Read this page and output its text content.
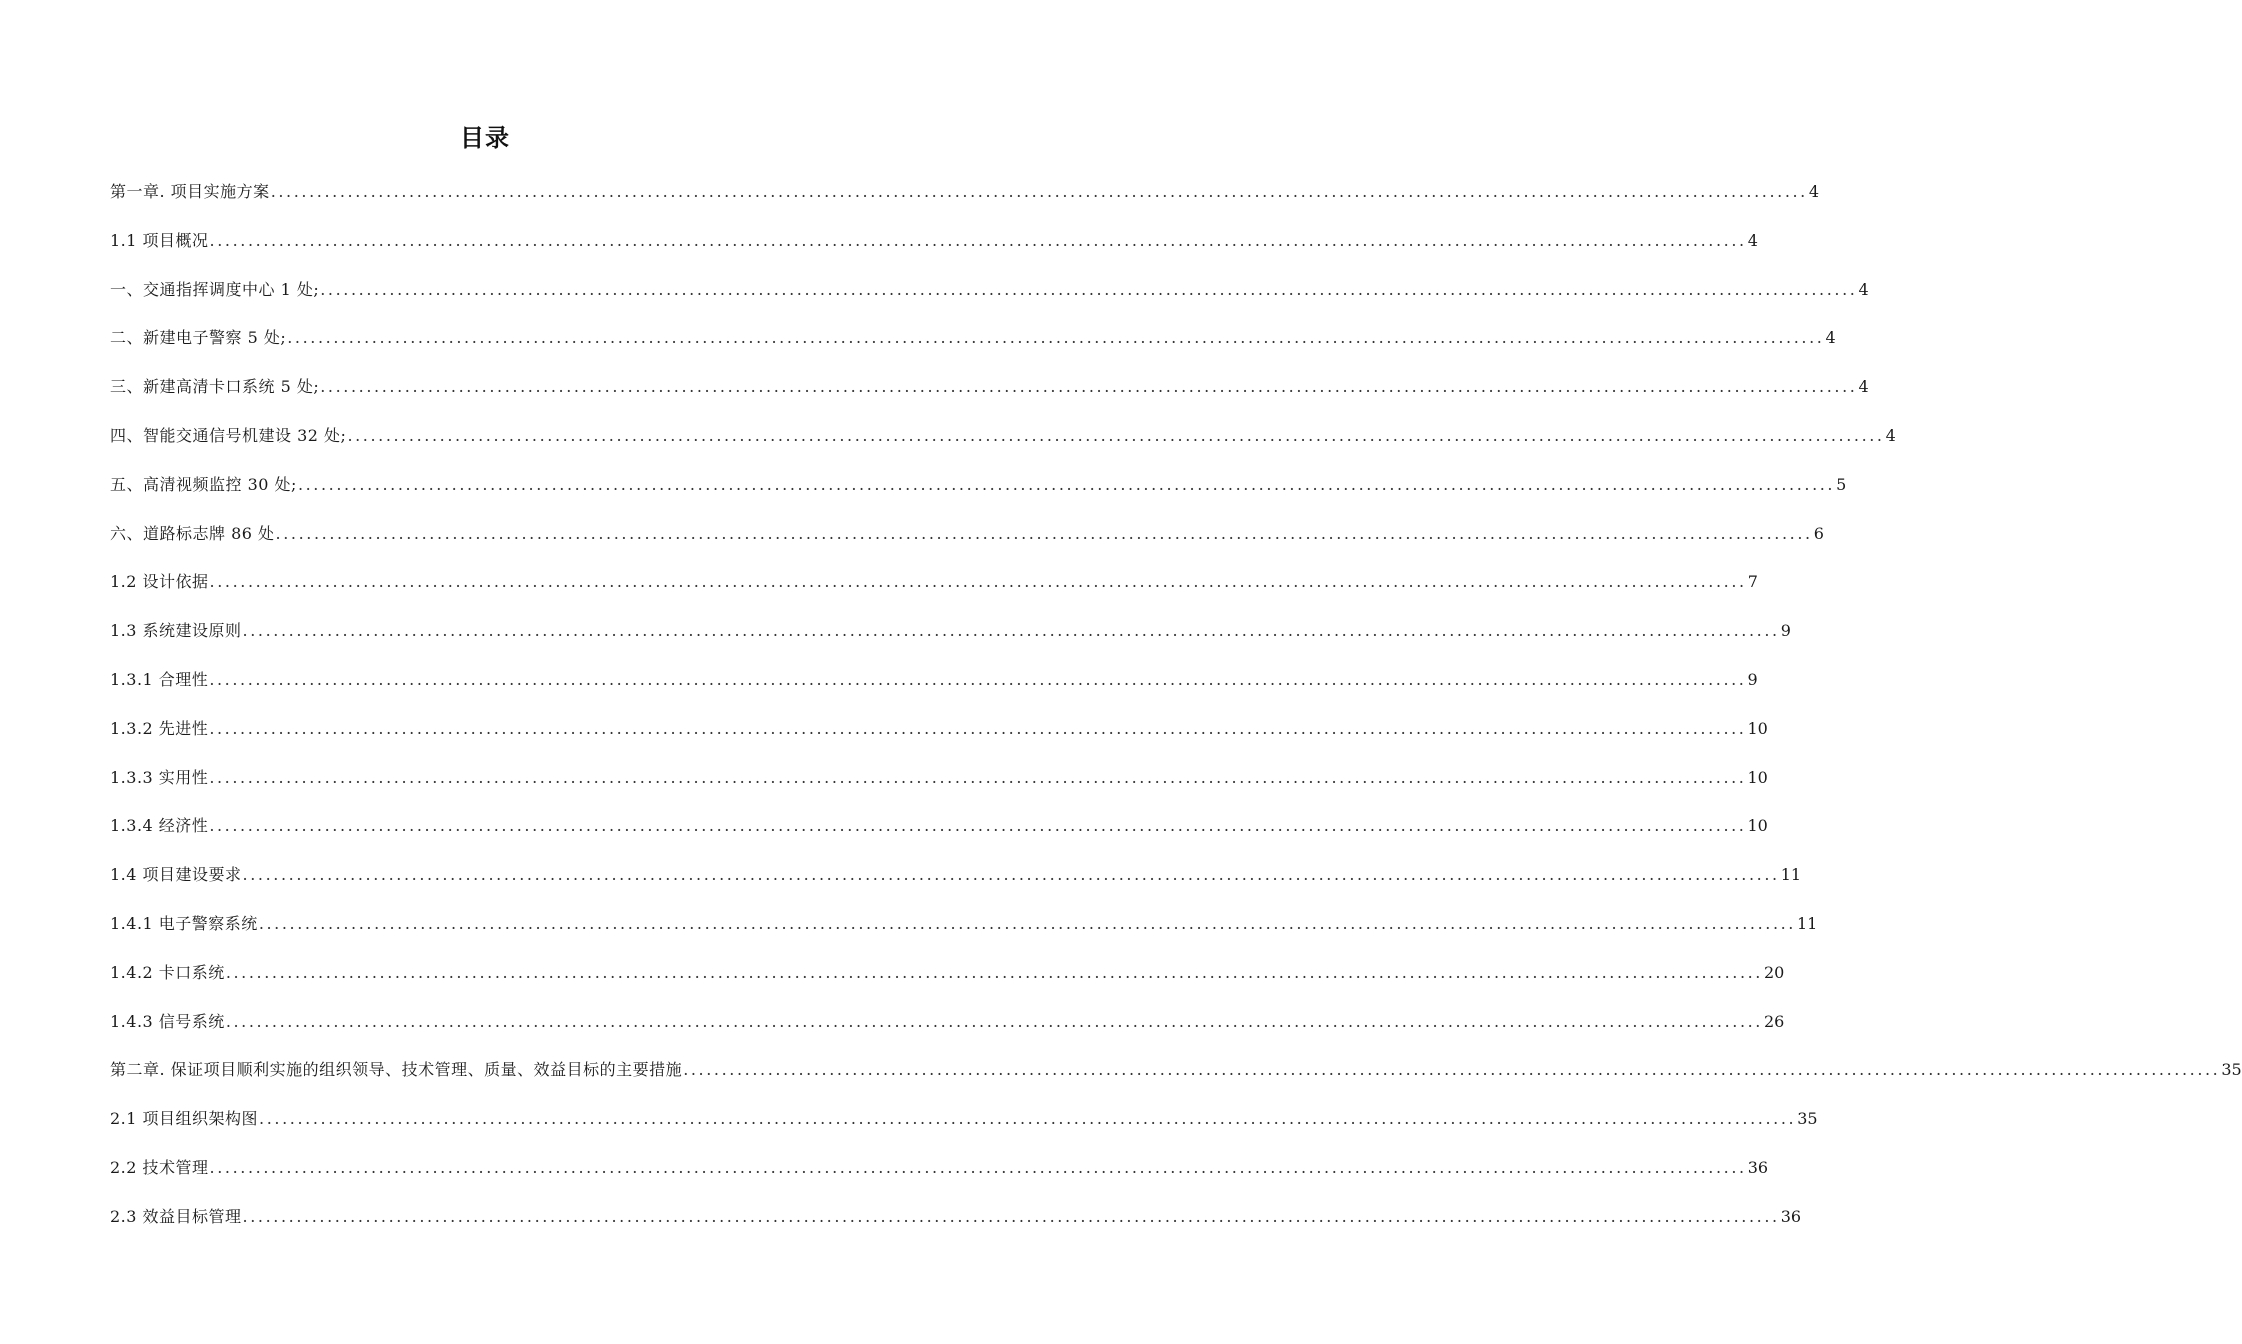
目录
第一章. 项目实施方案 ........................................................................................................................................................................................................ 4
1.1 项目概况 ........................................................................................................................................................................................................ 4
一、交通指挥调度中心 1 处; ........................................................................................................................................................................................................ 4
二、新建电子警察 5 处; ........................................................................................................................................................................................................ 4
三、新建高清卡口系统 5 处; ........................................................................................................................................................................................................ 4
四、智能交通信号机建设 32 处; ........................................................................................................................................................................................................ 4
五、高清视频监控 30 处; ........................................................................................................................................................................................................ 5
六、道路标志牌 86 处 ........................................................................................................................................................................................................ 6
1.2 设计依据 ........................................................................................................................................................................................................ 7
1.3 系统建设原则 ........................................................................................................................................................................................................ 9
1.3.1 合理性 ........................................................................................................................................................................................................ 9
1.3.2 先进性 ........................................................................................................................................................................................................ 10
1.3.3 实用性 ........................................................................................................................................................................................................ 10
1.3.4 经济性 ........................................................................................................................................................................................................ 10
1.4 项目建设要求 ........................................................................................................................................................................................................ 11
1.4.1 电子警察系统 ........................................................................................................................................................................................................ 11
1.4.2 卡口系统 ........................................................................................................................................................................................................ 20
1.4.3 信号系统 ........................................................................................................................................................................................................ 26
第二章. 保证项目顺利实施的组织领导、技术管理、质量、效益目标的主要措施 ........................................................................................................................................................................................................ 35
2.1 项目组织架构图 ........................................................................................................................................................................................................ 35
2.2 技术管理 ........................................................................................................................................................................................................ 36
2.3 效益目标管理 ........................................................................................................................................................................................................ 36
